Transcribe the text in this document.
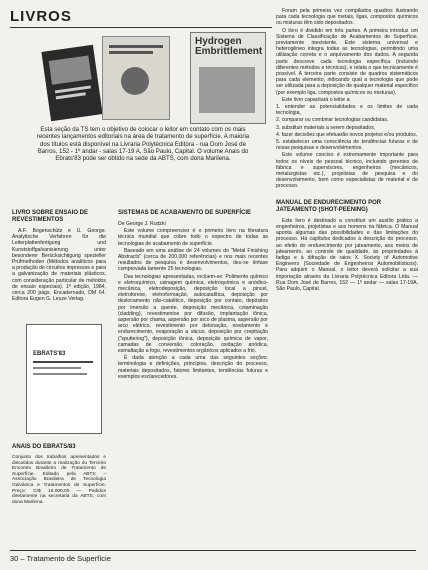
LIVROS
Hydrogen Embrittlement
Esta seção da TS tem o objetivo de colocar o leitor em contato com os mais recentes lançamentos editoriais na área de tratamento de superfície. A maioria dos títulos está disponível na Livraria Polytécnica Editora - rua Dom José de Barros, 152 - 1º andar - salas 17-19 A, São Paulo, Capital. O volume Anais do Ebrats'83 pode ser obtido na sede da ABTS, com dona Marilena.
LIVRO SOBRE ENSAIO DE REVESTIMENTOS
A.F. Bogenschütz e U. George. Analytische Verfahren für die Leiterplattenfertigung und Kunststoffgalvanisierung unter besonderer Berücksichtigung spezieller Prüfmethoden (Métodos analíticos para a produção de circuitos impressos e para a galvanização de materiais plásticos, com consideração particular de métodos de ensaio especiais). 1ª edição, 1984, cerca 200 págs. Encadernado, DM 64. Editora Eugen G. Leuze Verlag.
EBRATS'83
ANAIS DO EBRATS/83
Conjunto dos trabalhos apresentados e discutidos durante a realização do Terceiro Encontro Brasileiro de Tratamento de Superfície. Editado pela ABTS – Associação Brasileira de Tecnologia Galvânica e Tratamentos de Superfície. Preço: Cr$ 15.000,00 — Pedidos diretamente na secretaria da ABTS, com dona Marilena.
SISTEMAS DE ACABAMENTO DE SUPERFÍCIE

De George J. Rudzki

Este volume compreensivo é o primeiro livro na literatura técnica mundial que cobre todo o espectro de todas as tecnologias de acabamento de superfície.

Baseado em uma análise de 24 volumes do "Metal Finishing Abstracts" (cerca de 200.000 referências) e nos mais recentes resultados de pesquisa e desenvolvimentos, deu-se ênfase comprovada tamente 25 tecnologias.

Das tecnologias apresentadas, incluem-se: Polimento químico e eletroquímico, usinagem química, eletroquímica e anódico-mecânica, eletrodeposição, deposição local a pincel, eletroforese, eletroformação, autocatalítica, deposição por deslocamento não-catalítico, deposição por contato, depósitos por imersão a quente, deposição mecânica, colaminação (cladding), revestimentos por difusão, implantação iônica, aspersão por chama, aspersão por arco de plasma, aspersão por arco elétrico, revestimento por detonação, nivelamento e endurecimento, evaporação a vácuo, deposição por crepitação ("sputtering"), deposição iônica, deposição química de vapor, camadas de conversão, coloração, oxidação anódica, esmaltação a fogo, revestimentos orgânicos aplicados a frio.

É dada atenção a cada uma das seguintes seções: terminologia e definições, princípios, descrição do processo, materiais depositados, fatores limitantes, tendências futuras e exemplos esclarecedores.

Foram pela primeira vez compilados quadros ilustrando para cada tecnologia que metais, ligas, compostos químicos ou misturas têm sido depositados.

O livro é dividido em três partes. A primeira introduz um Sistema de Classificação de Acabamentos de Superfície, previamente inexistente. Este sistema universal e heterogêneo integra todas as tecnologias, permitindo uma utilização correta e o arquivamento dos dados. A segunda parte descreve cada tecnologia específica (incluindo diferentes métodos e técnicas), e relata o que tecnicamente é possível. A terceira parte consiste de quadros sistemáticos para cada elemento, indicando qual a tecnologia que pode ser utilizada para a deposição de qualquer material específico (por exemplo liga, compostos químicos ou misturas).

Este livro capacitará o leitor a:

1. entender as potencialidades e os limites de cada tecnologia,

2. comparar ou combinar tecnologias candidatas,

3. substituir materiais a serem depositados,

4. fazer decisões que efetuarão novos projetos e/ou produtos,

5. estabelecer uma consciência de tendências futuras e de novas pesquisas e desenvolvimentos.

Este volume conciso é extremamente importante para todos os níveis de pessoal técnico, incluindo gerentes de fábrica e supervisores, engenheiros (mecânicos, metalurgistas etc.), projetistas de pesquisa e do desenvolvimento, bem como especialistas de material e de processo.

MANUAL DE ENDURECIMENTO POR JATEAMENTO (SHOT-PEENING)
Este livro é destinado a constituir um auxílio prático a engenheiros, projetistas e aos homens na fábrica. O Manual aponta algumas das possibilidades e das limitações do processo. Há capítulos dedicados à descrição do processo, ao efeito do endurecimento por jateamento, aos meios de jateamento, ao controle de qualidade, às propriedades à fadiga e à difração de raios X. Society of Automotive Engineers (Sociedade de Engenheiros Automobilísticos). Para adquirir o Manual, o leitor deverá solicitar a sua importação através da Livraria Polytécnica Editora Ltda. — Rua Dom José de Barros, 152 — 1º andar — salas 17-19A, São Paulo, Capital.
30 – Tratamento de Superfície
